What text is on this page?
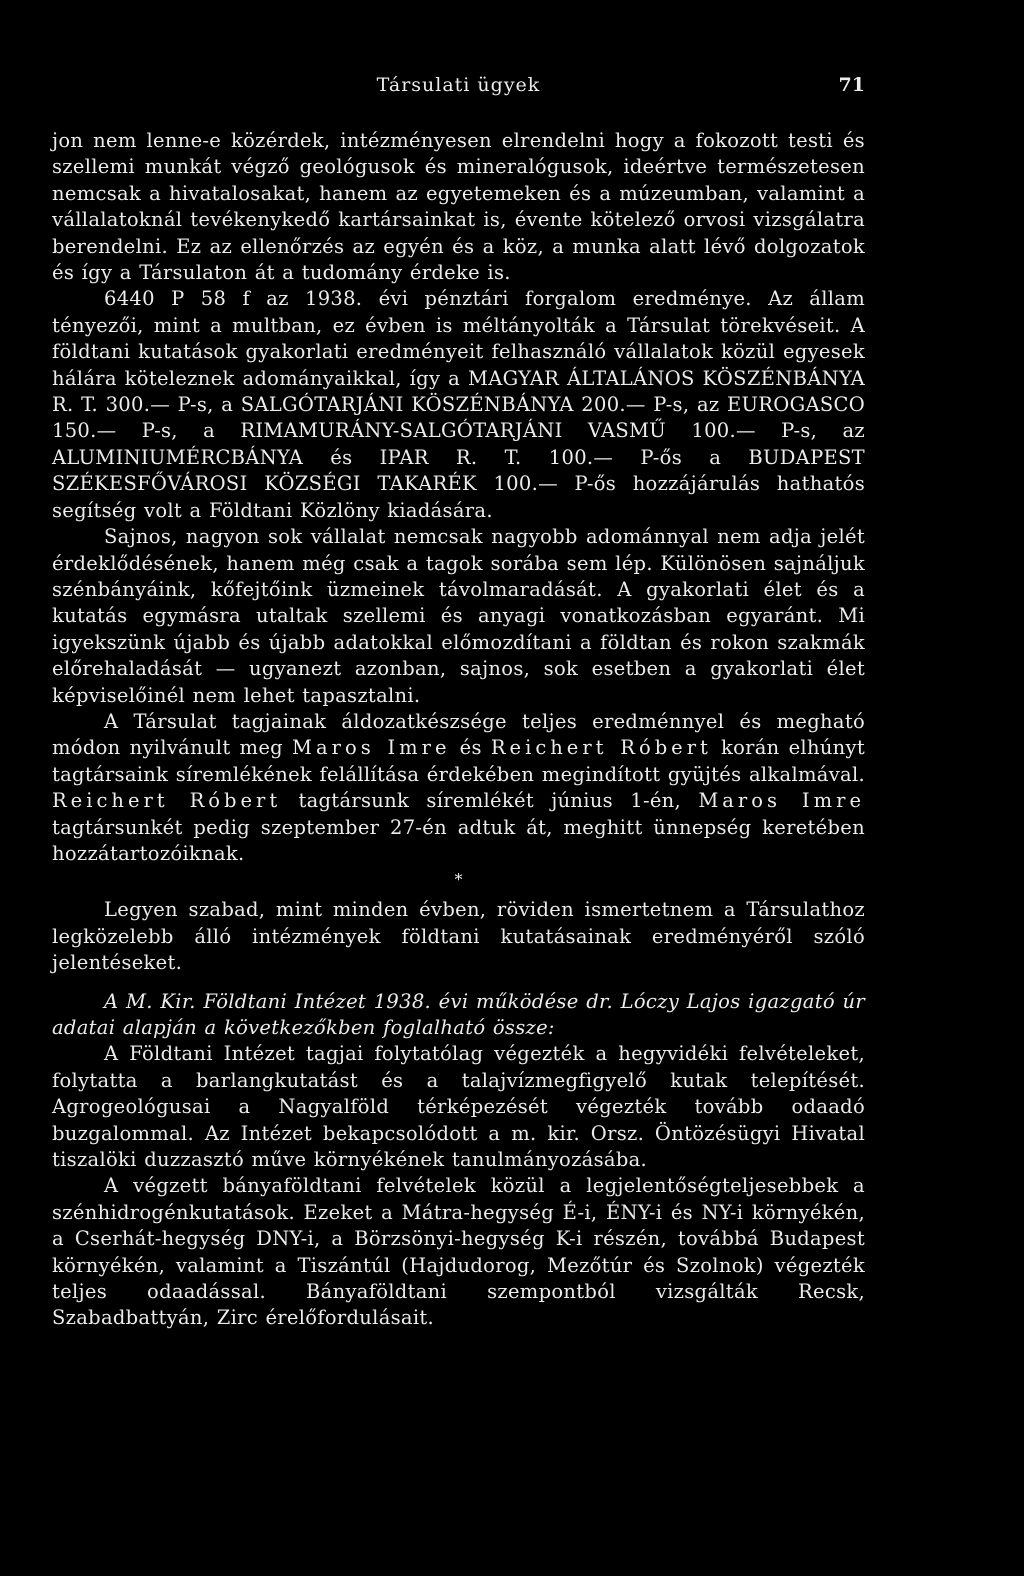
Társulati ügyek	71

jon nem lenne-e közérdek, intézményesen elrendelni hogy a fokozott testi és szellemi munkát végző geológusok és mineralógusok, ideértve természetesen nemcsak a hivatalosakat, hanem az egyetemeken és a múzeumban, valamint a vállalatoknál tevékenykedő kartársainkat is, évente kötelező orvosi vizsgálatra berendelni. Ez az ellenőrzés az egyén és a köz, a munka alatt lévő dolgozatok és így a Társulaton át a tudomány érdeke is.

6440 P 58 f az 1938. évi pénztári forgalom eredménye. Az állam tényezői, mint a multban, ez évben is méltányolták a Társulat törekvéseit. A földtani kutatások gyakorlati eredményeit felhasználó vállalatok közül egyesek hálára köteleznek adományaikkal, így a MAGYAR ÁLTALÁNOS KÖSZÉNBÁNYA R. T. 300.— P-s, a SALGÓTARJÁNI KÖSZÉNBÁNYA 200.— P-s, az EUROGASCO 150.— P-s, a RIMAMURÁNY-SALGÓTARJÁNI VASMŰ 100.— P-s, az ALUMINIUMÉRCBÁNYA és IPAR R. T. 100.— P-ős a BUDAPEST SZÉKESFŐVÁROSI KÖZSÉGI TAKARÉK 100.— P-ős hozzájárulás hathatós segítség volt a Földtani Közlöny kiadására.

Sajnos, nagyon sok vállalat nemcsak nagyobb adománnyal nem adja jelét érdeklődésének, hanem még csak a tagok sorába sem lép. Különösen sajnáljuk szénbányáink, kőfejtőink üzmeinek távolmaradását. A gyakorlati élet és a kutatás egymásra utaltak szellemi és anyagi vonatkozásban egyaránt. Mi igyekszünk újabb és újabb adatokkal előmozdítani a földtan és rokon szakmák előrehaladását — ugyanezt azonban, sajnos, sok esetben a gyakorlati élet képviselőinél nem lehet tapasztalni.

A Társulat tagjainak áldozatkészsége teljes eredménnyel és megható módon nyilvánult meg Maros Imre és Reichert Róbert korán elhúnyt tagtársaink síremlékének felállítása érdekében megindított gyüjtés alkalmával. Reichert Róbert tagtársunk síremlékét június 1-én, Maros Imre tagtársunkét pedig szeptember 27-én adtuk át, meghitt ünnepség keretében hozzátartozóiknak.

*

Legyen szabad, mint minden évben, röviden ismertetnem a Társulathoz legközelebb álló intézmények földtani kutatásainak eredményéről szóló jelentéseket.

A M. Kir. Földtani Intézet 1938. évi működése dr. Lóczy Lajos igazgató úr adatai alapján a következőkben foglalható össze:

A Földtani Intézet tagjai folytatólag végezték a hegyvidéki felvételeket, folytatta a barlangkutatást és a talajvízmegfigyelő kutak telepítését. Agrogeológusai a Nagyalföld térképezését végezték tovább odaadó buzgalommal. Az Intézet bekapcsolódott a m. kir. Orsz. Öntözésügyi Hivatal tiszalöki duzzasztó műve környékének tanulmányozásába.

A végzett bányaföldtani felvételek közül a legjelentőségteljesebbek a szénhidrogénkutatások. Ezeket a Mátra-hegység É-i, ÉNY-i és NY-i környékén, a Cserhát-hegység DNY-i, a Börzsönyi-hegység K-i részén, továbbá Budapest környékén, valamint a Tiszántúl (Hajdudorog, Mezőtúr és Szolnok) végezték teljes odaadással. Bányaföldtani szempontból vizsgálták Recsk, Szabadbattyán, Zirc érelőfordulásait.
